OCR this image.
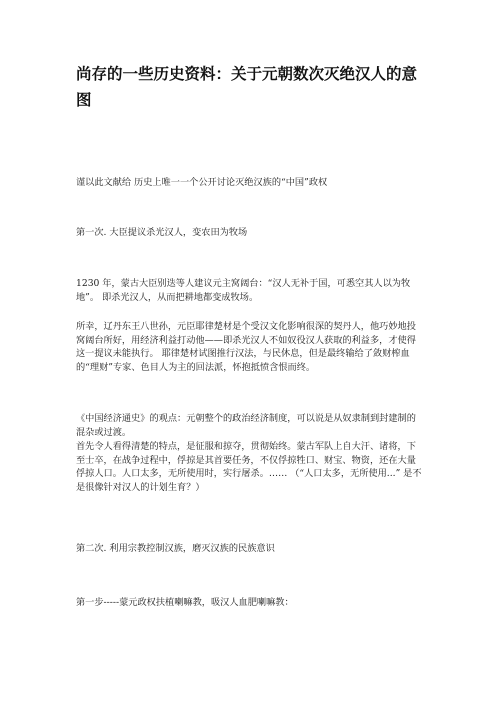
尚存的一些历史资料：关于元朝数次灭绝汉人的意图

谨以此文献给 历史上唯一一个公开讨论灭绝汉族的“中国”政权

第一次. 大臣提议杀光汉人，变农田为牧场

1230 年，蒙古大臣别迭等人建议元主窝阔台：“汉人无补于国，可悉空其人以为牧地”。 即杀光汉人，从而把耕地都变成牧场。

所幸，辽丹东王八世孙，元臣耶律楚材是个受汉文化影响很深的契丹人，他巧妙地投窝阔台所好，用经济利益打动他——即杀光汉人不如奴役汉人获取的利益多，才使得这一提议未能执行。 耶律楚材试图推行汉法，与民休息，但是最终输给了敛财榨血的“理财”专家、色目人为主的回法派，怀抱抵愤含恨而终。

《中国经济通史》的观点：元朝整个的政治经济制度，可以说是从奴隶制到封建制的混杂或过渡。

首先令人看得清楚的特点，是征服和掠夺，贯彻始终。蒙古军队上自大汗、诸将，下至士卒，在战争过程中，俘掠是其首要任务，不仅俘掠牲口、财宝、物资，还在大量俘掠人口。人口太多，无所使用时，实行屠杀。…… （“人口太多，无所使用...” 是不是很像针对汉人的计划生育？）

第二次. 利用宗教控制汉族，磨灭汉族的民族意识

第一步-----蒙元政权扶植喇嘛教，吸汉人血肥喇嘛教：
